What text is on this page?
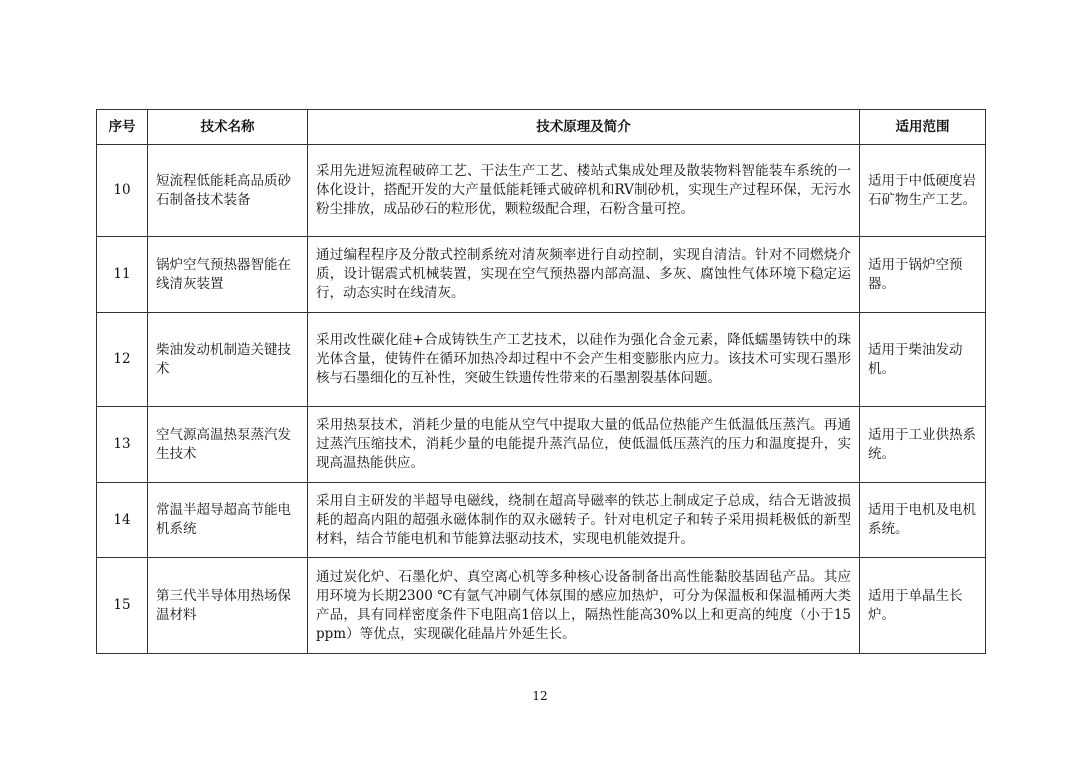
序号	技术名称	技术原理及简介	适用范围
10	短流程低能耗高品质砂石制备技术装备	采用先进短流程破碎工艺、干法生产工艺、楼站式集成处理及散装物料智能装车系统的一体化设计，搭配开发的大产量低能耗锤式破碎机和RV制砂机，实现生产过程环保，无污水粉尘排放，成品砂石的粒形优，颗粒级配合理，石粉含量可控。	适用于中低硬度岩石矿物生产工艺。
11	锅炉空气预热器智能在线清灰装置	通过编程程序及分散式控制系统对清灰频率进行自动控制，实现自清洁。针对不同燃烧介质，设计锯震式机械装置，实现在空气预热器内部高温、多灰、腐蚀性气体环境下稳定运行，动态实时在线清灰。	适用于锅炉空预器。
12	柴油发动机制造关键技术	采用改性碳化硅+合成铸铁生产工艺技术，以硅作为强化合金元素，降低蠕墨铸铁中的珠光体含量，使铸件在循环加热冷却过程中不会产生相变膨胀内应力。该技术可实现石墨形核与石墨细化的互补性，突破生铁遗传性带来的石墨割裂基体问题。	适用于柴油发动机。
13	空气源高温热泵蒸汽发生技术	采用热泵技术，消耗少量的电能从空气中提取大量的低品位热能产生低温低压蒸汽。再通过蒸汽压缩技术，消耗少量的电能提升蒸汽品位，使低温低压蒸汽的压力和温度提升，实现高温热能供应。	适用于工业供热系统。
14	常温半超导超高节能电机系统	采用自主研发的半超导电磁线，绕制在超高导磁率的铁芯上制成定子总成，结合无谐波损耗的超高内阻的超强永磁体制作的双永磁转子。针对电机定子和转子采用损耗极低的新型材料，结合节能电机和节能算法驱动技术，实现电机能效提升。	适用于电机及电机系统。
15	第三代半导体用热场保温材料	通过炭化炉、石墨化炉、真空离心机等多种核心设备制备出高性能黏胶基固毡产品。其应用环境为长期2300 ℃有氩气冲刷气体氛围的感应加热炉，可分为保温板和保温桶两大类产品，具有同样密度条件下电阻高1倍以上，隔热性能高30%以上和更高的纯度（小于15 ppm）等优点，实现碳化硅晶片外延生长。	适用于单晶生长炉。
12
